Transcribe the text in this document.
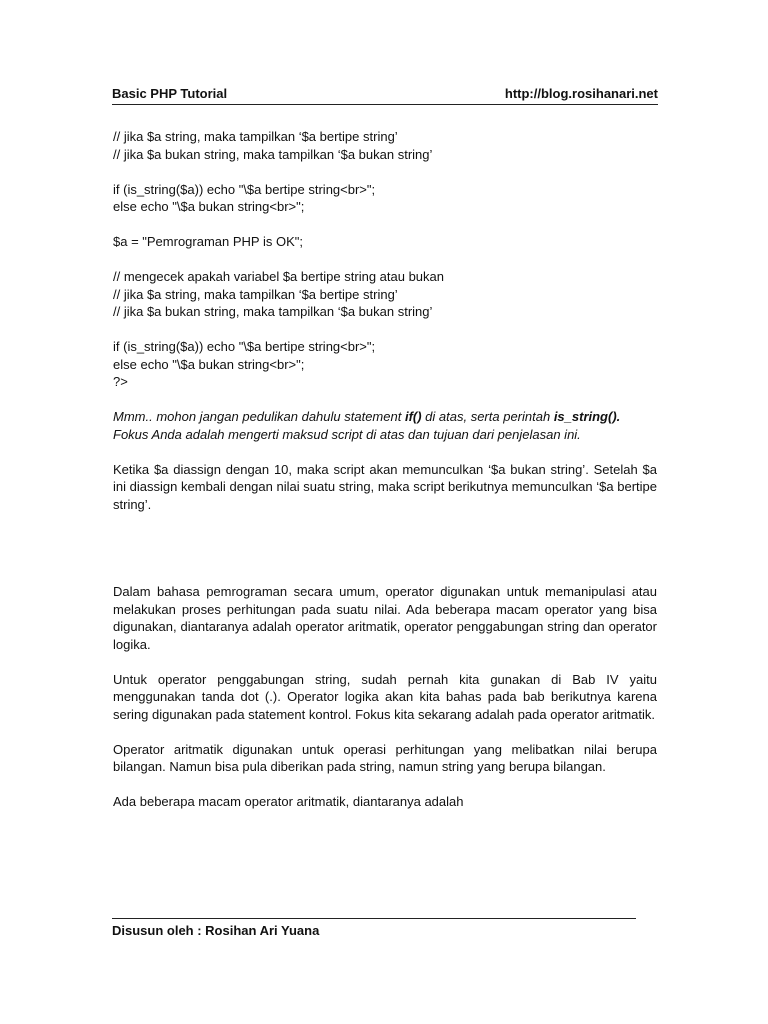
Basic PHP Tutorial	http://blog.rosihanari.net
// jika $a string, maka tampilkan ‘$a bertipe string’
// jika $a bukan string, maka tampilkan ‘$a bukan string’
if (is_string($a)) echo "\$a bertipe string<br>";
else echo "\$a bukan string<br>";
$a = "Pemrograman PHP is OK";
// mengecek apakah variabel $a bertipe string atau bukan
// jika $a string, maka tampilkan ‘$a bertipe string’
// jika $a bukan string, maka tampilkan ‘$a bukan string’
if (is_string($a)) echo "\$a bertipe string<br>";
else echo "\$a bukan string<br>";
?>

Mmm.. mohon jangan pedulikan dahulu statement if() di atas, serta perintah is_string().
Fokus Anda adalah mengerti maksud script di atas dan tujuan dari penjelasan ini.

Ketika $a diassign dengan 10, maka script akan memunculkan ‘$a bukan string’. Setelah $a ini diassign kembali dengan nilai suatu string, maka script berikutnya memunculkan ‘$a bertipe string’.

Dalam bahasa pemrograman secara umum, operator digunakan untuk memanipulasi atau melakukan proses perhitungan pada suatu nilai. Ada beberapa macam operator yang bisa digunakan, diantaranya adalah operator aritmatik, operator penggabungan string dan operator logika.

Untuk operator penggabungan string, sudah pernah kita gunakan di Bab IV yaitu menggunakan tanda dot (.). Operator logika akan kita bahas pada bab berikutnya karena sering digunakan pada statement kontrol. Fokus kita sekarang adalah pada operator aritmatik.

Operator aritmatik digunakan untuk operasi perhitungan yang melibatkan nilai berupa bilangan. Namun bisa pula diberikan pada string, namun string yang berupa bilangan.

Ada beberapa macam operator aritmatik, diantaranya adalah

Disusun oleh : Rosihan Ari Yuana
